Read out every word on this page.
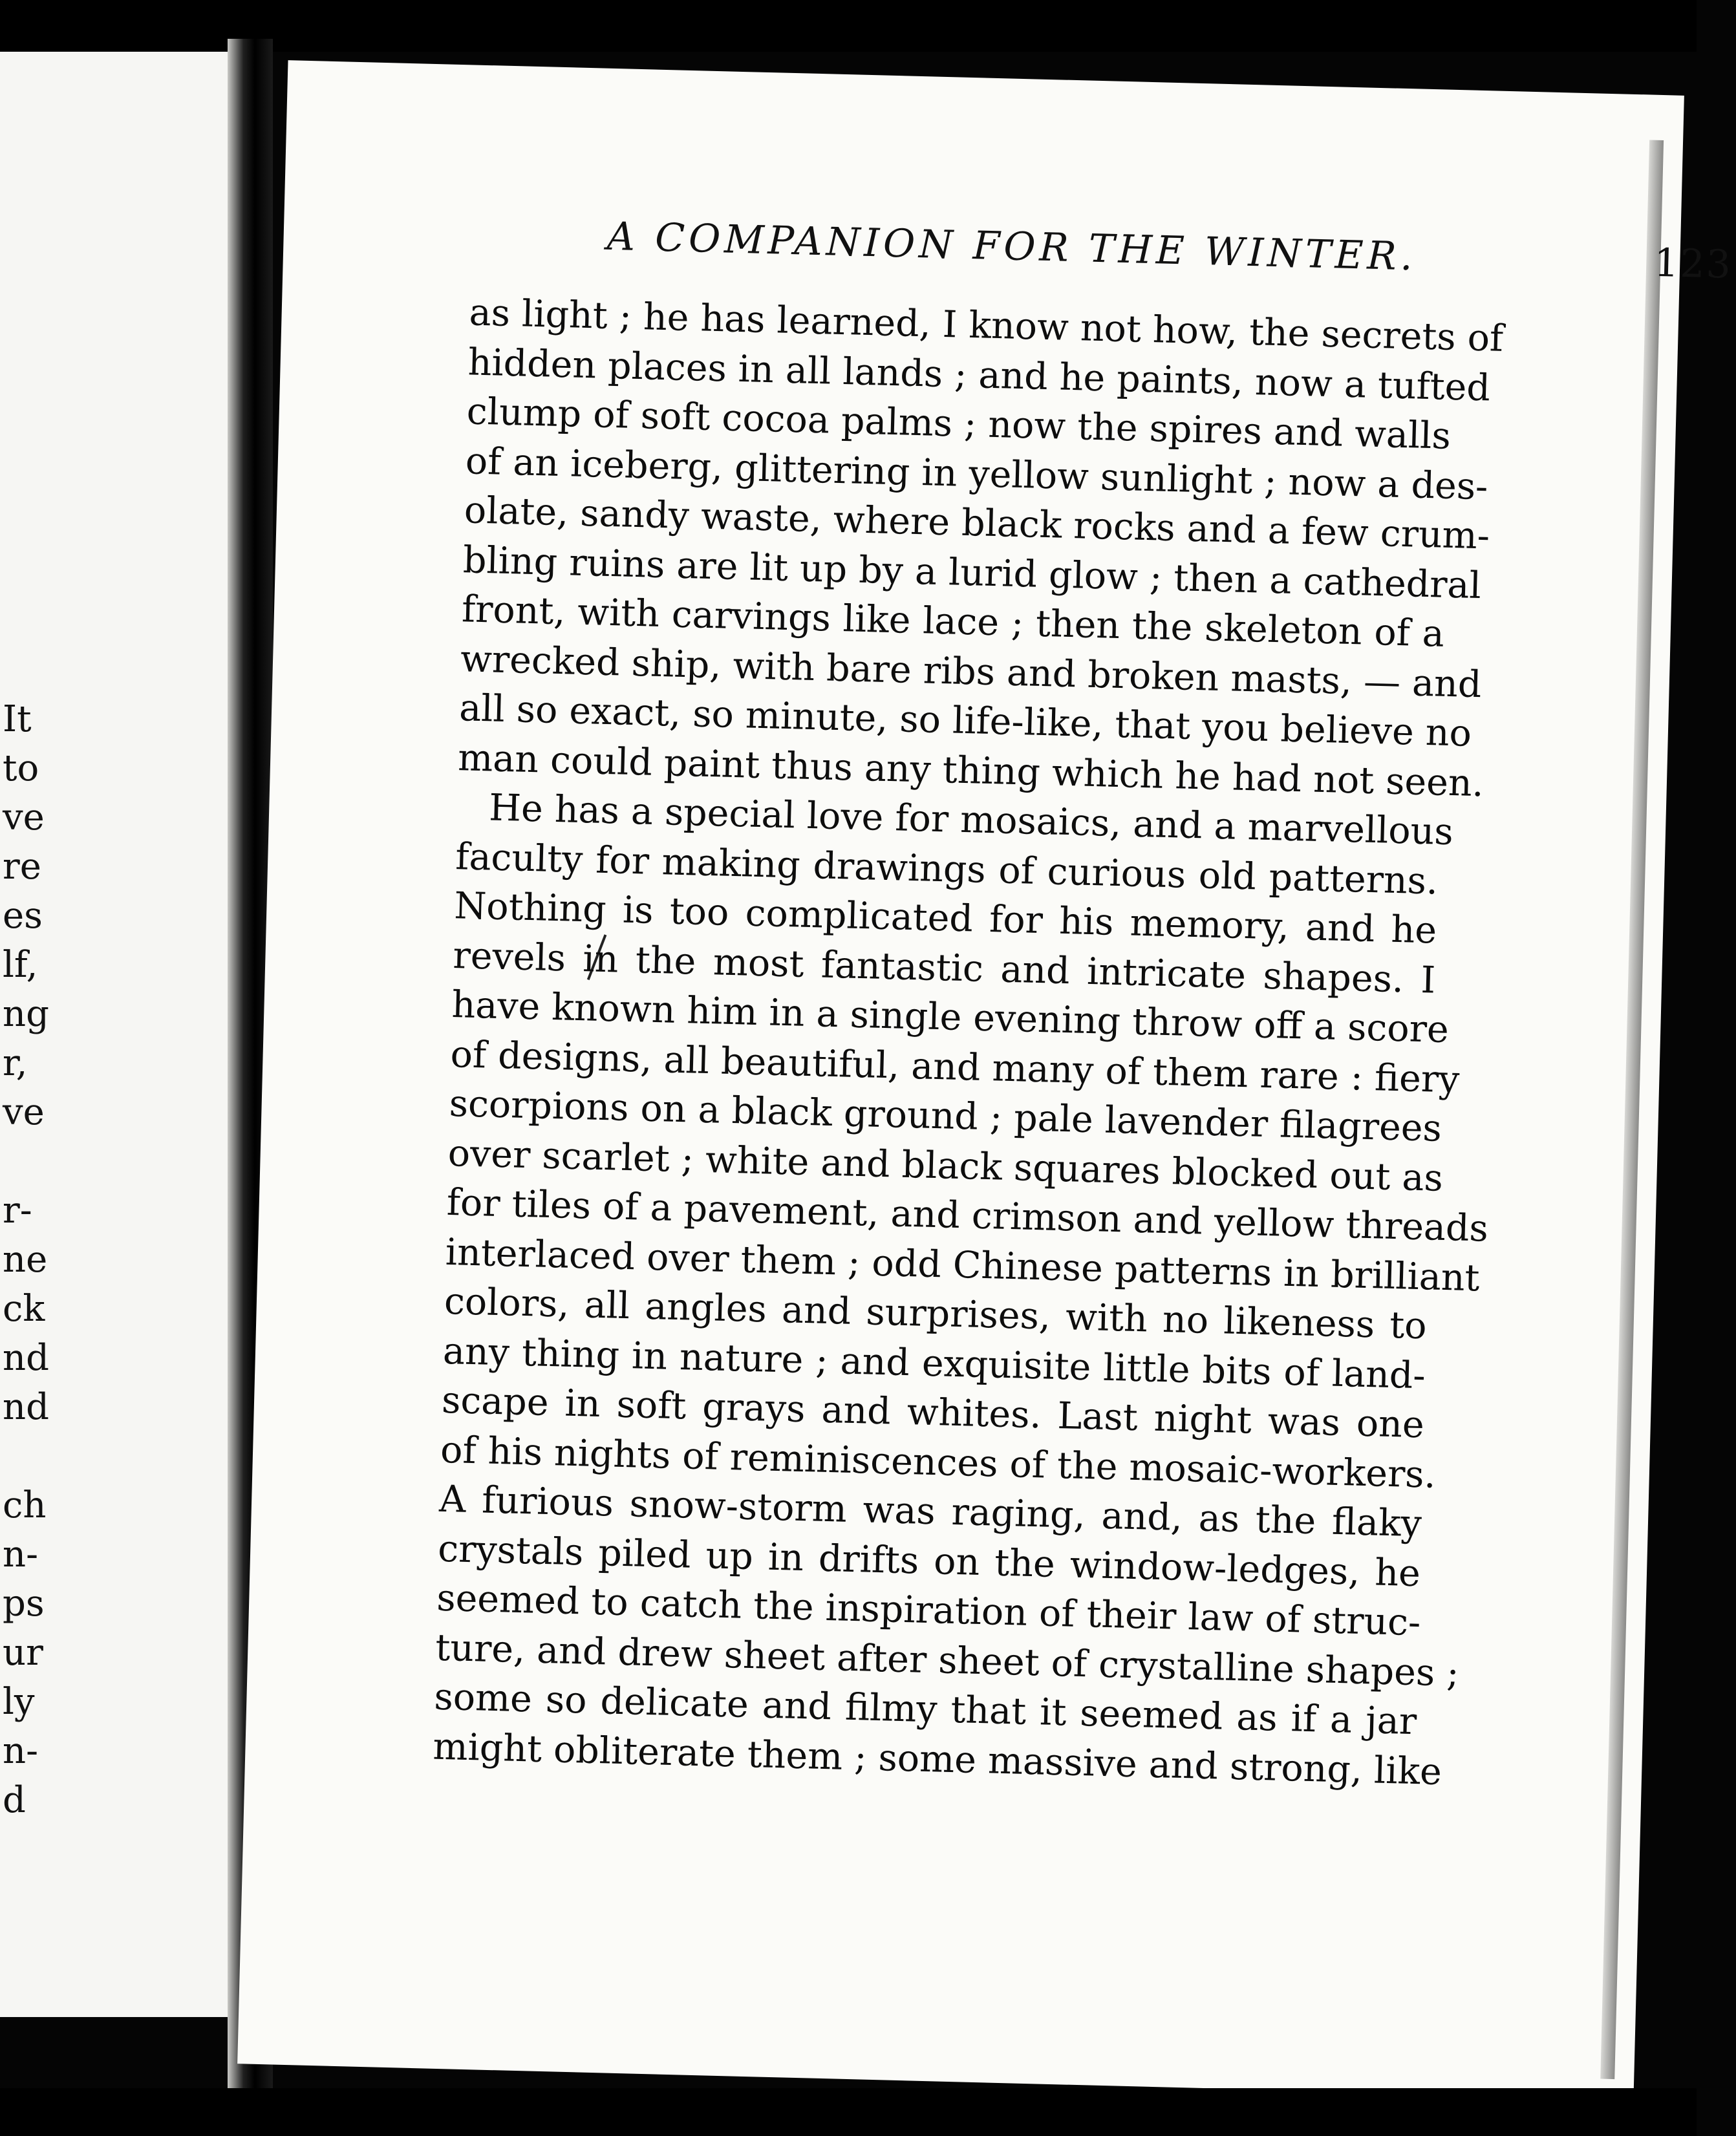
It
to
ve
re
es
lf,
ng
r,
ve
r-
ne
ck
nd
nd
ch
n-
ps
ur
ly
n-
d
A COMPANION FOR THE WINTER.	123
as light ; he has learned, I know not how, the secrets of
hidden places in all lands ; and he paints, now a tufted
clump of soft cocoa palms ; now the spires and walls
of an iceberg, glittering in yellow sunlight ; now a des-
olate, sandy waste, where black rocks and a few crum-
bling ruins are lit up by a lurid glow ; then a cathedral
front, with carvings like lace ; then the skeleton of a
wrecked ship, with bare ribs and broken masts, — and
all so exact, so minute, so life-like, that you believe no
man could paint thus any thing which he had not seen.
He has a special love for mosaics, and a marvellous
faculty for making drawings of curious old patterns.
Nothing is too complicated for his memory, and he
revels in the most fantastic and intricate shapes. I
have known him in a single evening throw off a score
of designs, all beautiful, and many of them rare : fiery
scorpions on a black ground ; pale lavender filagrees
over scarlet ; white and black squares blocked out as
for tiles of a pavement, and crimson and yellow threads
interlaced over them ; odd Chinese patterns in brilliant
colors, all angles and surprises, with no likeness to
any thing in nature ; and exquisite little bits of land-
scape in soft grays and whites. Last night was one
of his nights of reminiscences of the mosaic-workers.
A furious snow-storm was raging, and, as the flaky
crystals piled up in drifts on the window-ledges, he
seemed to catch the inspiration of their law of struc-
ture, and drew sheet after sheet of crystalline shapes ;
some so delicate and filmy that it seemed as if a jar
might obliterate them ; some massive and strong, like
